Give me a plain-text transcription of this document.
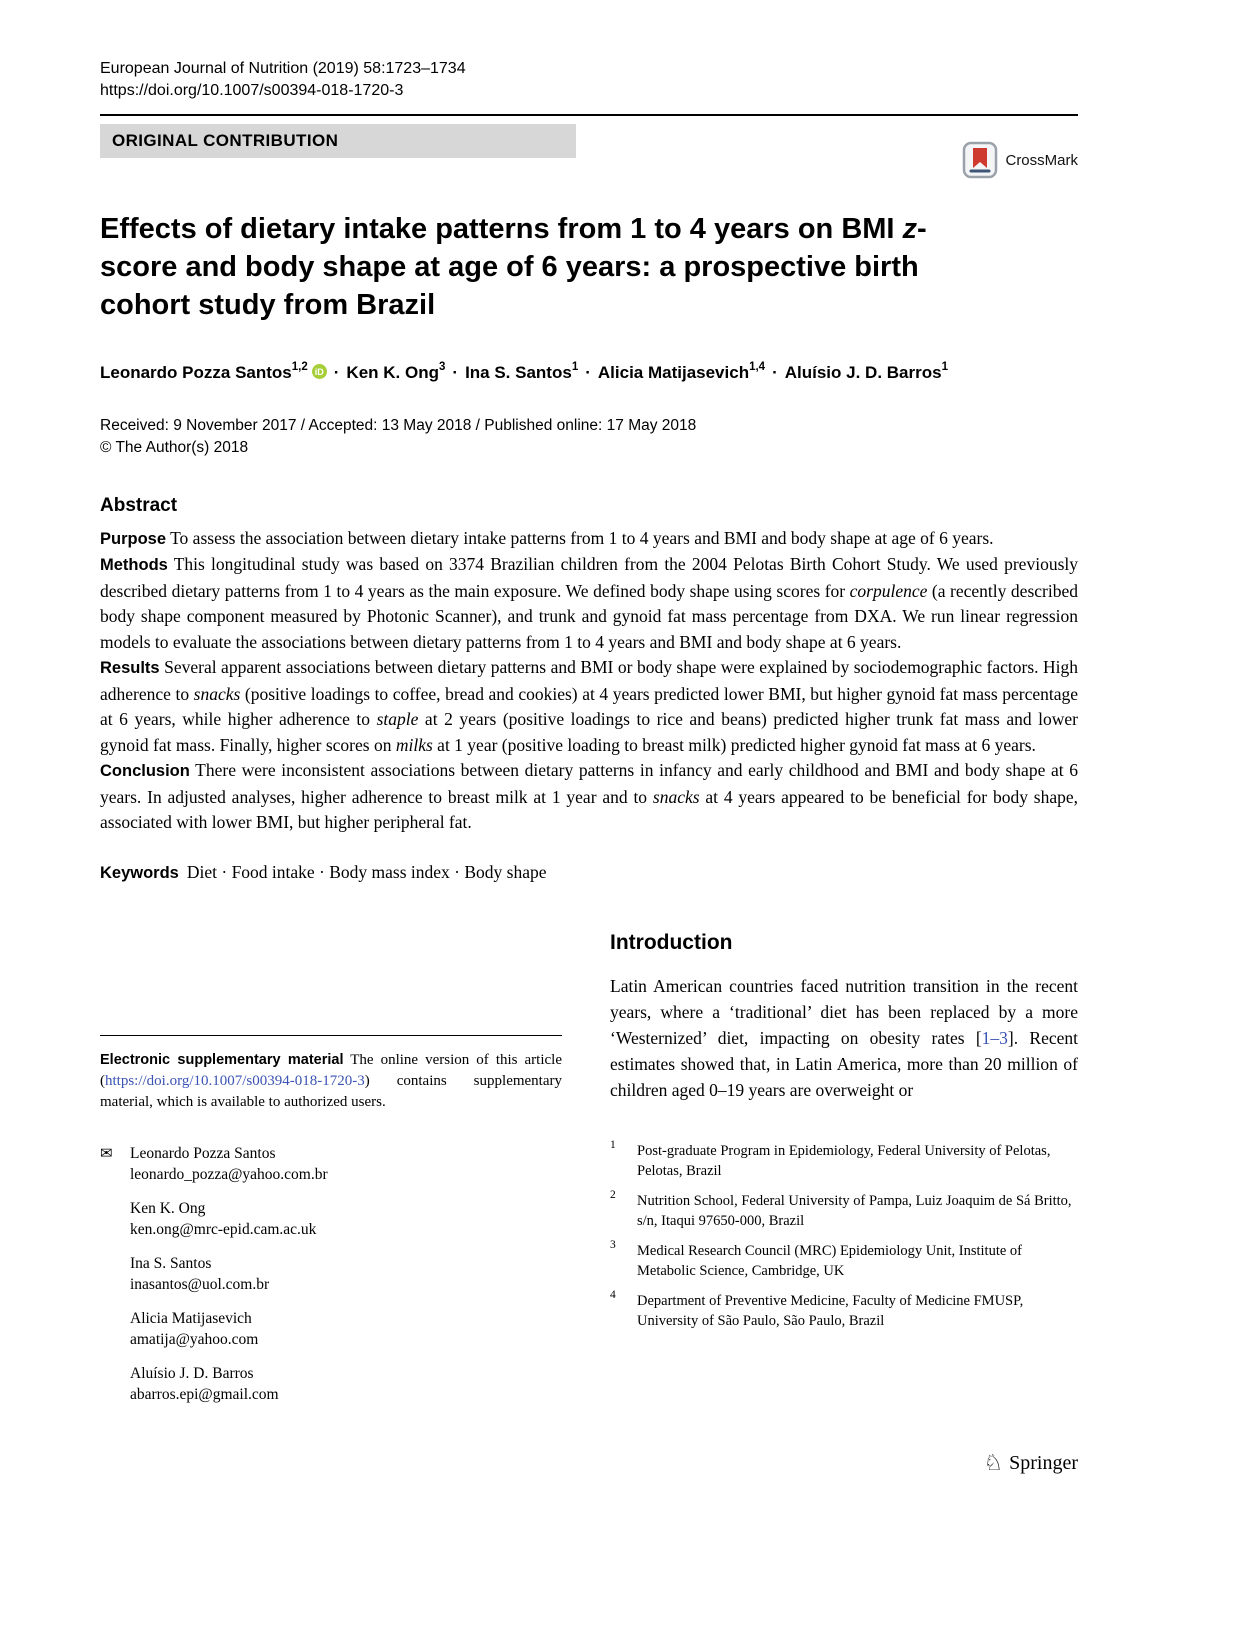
European Journal of Nutrition (2019) 58:1723–1734
https://doi.org/10.1007/s00394-018-1720-3
ORIGINAL CONTRIBUTION
CrossMark
Effects of dietary intake patterns from 1 to 4 years on BMI z-score and body shape at age of 6 years: a prospective birth cohort study from Brazil
Leonardo Pozza Santos$^{1,2}$ iD · Ken K. Ong$^3$ · Ina S. Santos$^1$ · Alicia Matijasevich$^{1,4}$ · Aluísio J. D. Barros$^1$
Received: 9 November 2017 / Accepted: 13 May 2018 / Published online: 17 May 2018
© The Author(s) 2018
Abstract

Purpose To assess the association between dietary intake patterns from 1 to 4 years and BMI and body shape at age of 6 years.

Methods This longitudinal study was based on 3374 Brazilian children from the 2004 Pelotas Birth Cohort Study. We used previously described dietary patterns from 1 to 4 years as the main exposure. We defined body shape using scores for corpulence (a recently described body shape component measured by Photonic Scanner), and trunk and gynoid fat mass percentage from DXA. We run linear regression models to evaluate the associations between dietary patterns from 1 to 4 years and BMI and body shape at 6 years.

Results Several apparent associations between dietary patterns and BMI or body shape were explained by sociodemographic factors. High adherence to snacks (positive loadings to coffee, bread and cookies) at 4 years predicted lower BMI, but higher gynoid fat mass percentage at 6 years, while higher adherence to staple at 2 years (positive loadings to rice and beans) predicted higher trunk fat mass and lower gynoid fat mass. Finally, higher scores on milks at 1 year (positive loading to breast milk) predicted higher gynoid fat mass at 6 years.

Conclusion There were inconsistent associations between dietary patterns in infancy and early childhood and BMI and body shape at 6 years. In adjusted analyses, higher adherence to breast milk at 1 year and to snacks at 4 years appeared to be beneficial for body shape, associated with lower BMI, but higher peripheral fat.

Keywords Diet · Food intake · Body mass index · Body shape

Electronic supplementary material The online version of this article (https://doi.org/10.1007/s00394-018-1720-3) contains supplementary material, which is available to authorized users.

✉	Leonardo Pozza Santos
leonardo_pozza@yahoo.com.br
Ken K. Ong
ken.ong@mrc-epid.cam.ac.uk
Ina S. Santos
inasantos@uol.com.br
Alicia Matijasevich
amatija@yahoo.com
Aluísio J. D. Barros
abarros.epi@gmail.com
Introduction

Latin American countries faced nutrition transition in the recent years, where a ‘traditional’ diet has been replaced by a more ‘Westernized’ diet, impacting on obesity rates [1–3]. Recent estimates showed that, in Latin America, more than 20 million of children aged 0–19 years are overweight or

1	Post-graduate Program in Epidemiology, Federal University of Pelotas, Pelotas, Brazil
2	Nutrition School, Federal University of Pampa, Luiz Joaquim de Sá Britto, s/n, Itaqui 97650-000, Brazil
3	Medical Research Council (MRC) Epidemiology Unit, Institute of Metabolic Science, Cambridge, UK
4	Department of Preventive Medicine, Faculty of Medicine FMUSP, University of São Paulo, São Paulo, Brazil
♘ Springer
